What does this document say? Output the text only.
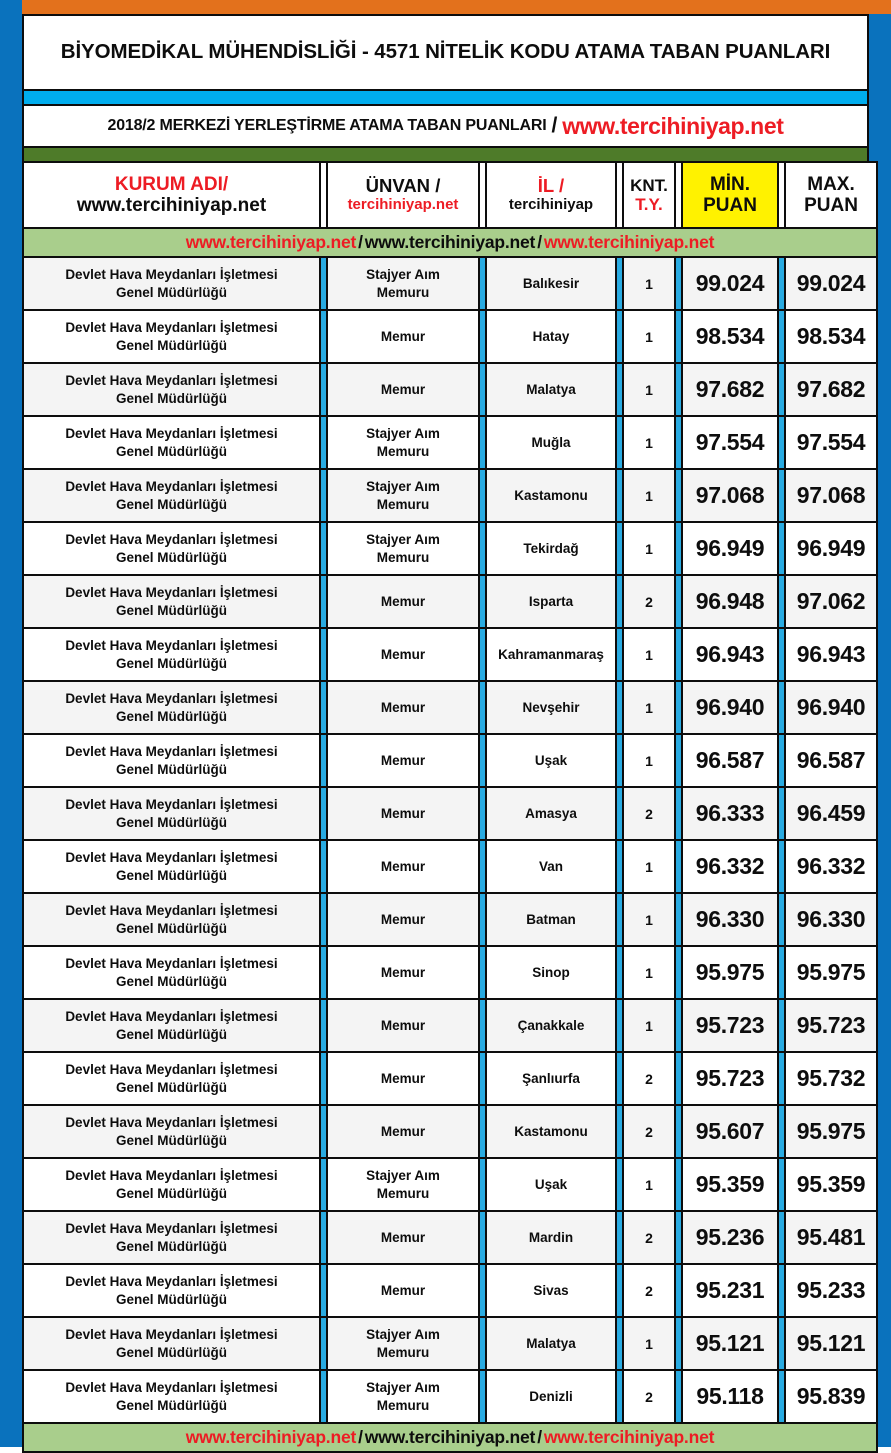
BİYOMEDİKAL MÜHENDİSLİĞİ - 4571 NİTELİK KODU ATAMA TABAN PUANLARI
2018/2 MERKEZİ YERLEŞTİRME ATAMA TABAN PUANLARI / www.tercihiniyap.net
KURUM ADI/
www.tercihiniyap.net		ÜNVAN /
tercihiniyap.net		İL /
tercihiniyap		KNT.
T.Y.		MİN.
PUAN		MAX.
PUAN

www.tercihiniyap.net / www.tercihiniyap.net / www.tercihiniyap.net										
Devlet Hava Meydanları İşletmesi
Genel Müdürlüğü		Stajyer Aım
Memuru		Balıkesir		1		99.024		99.024
Devlet Hava Meydanları İşletmesi
Genel Müdürlüğü		Memur		Hatay		1		98.534		98.534
Devlet Hava Meydanları İşletmesi
Genel Müdürlüğü		Memur		Malatya		1		97.682		97.682
Devlet Hava Meydanları İşletmesi
Genel Müdürlüğü		Stajyer Aım
Memuru		Muğla		1		97.554		97.554
Devlet Hava Meydanları İşletmesi
Genel Müdürlüğü		Stajyer Aım
Memuru		Kastamonu		1		97.068		97.068
Devlet Hava Meydanları İşletmesi
Genel Müdürlüğü		Stajyer Aım
Memuru		Tekirdağ		1		96.949		96.949
Devlet Hava Meydanları İşletmesi
Genel Müdürlüğü		Memur		Isparta		2		96.948		97.062
Devlet Hava Meydanları İşletmesi
Genel Müdürlüğü		Memur		Kahramanmaraş		1		96.943		96.943
Devlet Hava Meydanları İşletmesi
Genel Müdürlüğü		Memur		Nevşehir		1		96.940		96.940
Devlet Hava Meydanları İşletmesi
Genel Müdürlüğü		Memur		Uşak		1		96.587		96.587
Devlet Hava Meydanları İşletmesi
Genel Müdürlüğü		Memur		Amasya		2		96.333		96.459
Devlet Hava Meydanları İşletmesi
Genel Müdürlüğü		Memur		Van		1		96.332		96.332
Devlet Hava Meydanları İşletmesi
Genel Müdürlüğü		Memur		Batman		1		96.330		96.330
Devlet Hava Meydanları İşletmesi
Genel Müdürlüğü		Memur		Sinop		1		95.975		95.975
Devlet Hava Meydanları İşletmesi
Genel Müdürlüğü		Memur		Çanakkale		1		95.723		95.723
Devlet Hava Meydanları İşletmesi
Genel Müdürlüğü		Memur		Şanlıurfa		2		95.723		95.732
Devlet Hava Meydanları İşletmesi
Genel Müdürlüğü		Memur		Kastamonu		2		95.607		95.975
Devlet Hava Meydanları İşletmesi
Genel Müdürlüğü		Stajyer Aım
Memuru		Uşak		1		95.359		95.359
Devlet Hava Meydanları İşletmesi
Genel Müdürlüğü		Memur		Mardin		2		95.236		95.481
Devlet Hava Meydanları İşletmesi
Genel Müdürlüğü		Memur		Sivas		2		95.231		95.233
Devlet Hava Meydanları İşletmesi
Genel Müdürlüğü		Stajyer Aım
Memuru		Malatya		1		95.121		95.121
Devlet Hava Meydanları İşletmesi
Genel Müdürlüğü		Stajyer Aım
Memuru		Denizli		2		95.118		95.839
www.tercihiniyap.net / www.tercihiniyap.net / www.tercihiniyap.net										
